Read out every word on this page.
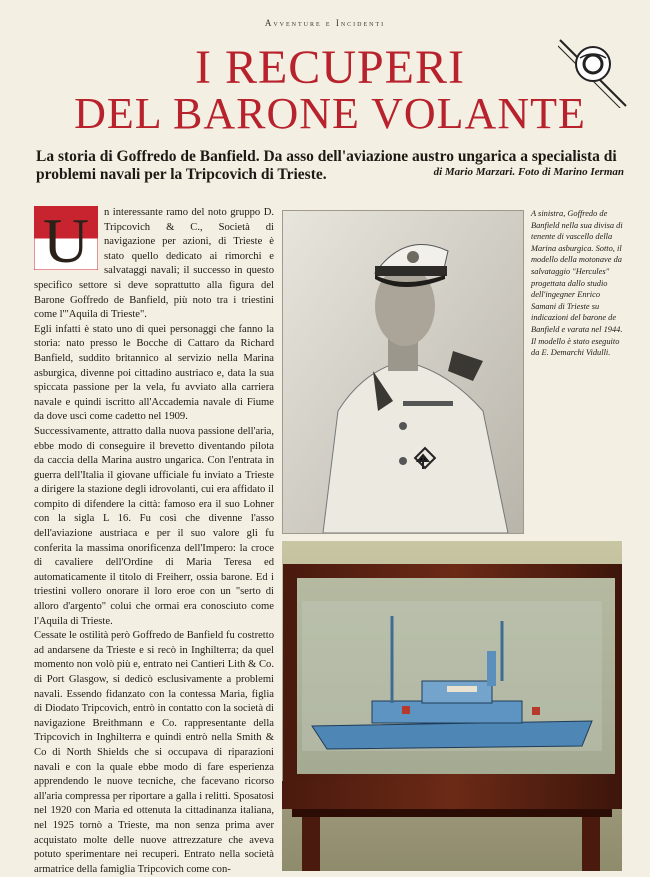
Avventure e Incidenti
I RECUPERI
DEL BARONE VOLANTE

La storia di Goffredo de Banfield. Da asso dell'aviazione austro ungarica a specialista di problemi navali per la Tripcovich di Trieste.	di Mario Marzari. Foto di Marino Ierman
U	n interessante ramo del noto gruppo D. Tripcovich & C., Società di navigazione per azioni, di Trieste è stato quello dedicato ai rimorchi e salvataggi navali; il successo in questo specifico settore si deve soprattutto alla figura del Barone Goffredo de Banfield, più noto tra i triestini come l'"Aquila di Trieste".

Egli infatti è stato uno di quei personaggi che fanno la storia: nato presso le Bocche di Cattaro da Richard Banfield, suddito britannico al servizio nella Marina asburgica, divenne poi cittadino austriaco e, data la sua spiccata passione per la vela, fu avviato alla carriera navale e quindi iscritto all'Accademia navale di Fiume da dove uscì come cadetto nel 1909.

Successivamente, attratto dalla nuova passione dell'aria, ebbe modo di conseguire il brevetto diventando pilota da caccia della Marina austro ungarica. Con l'entrata in guerra dell'Italia il giovane ufficiale fu inviato a Trieste a dirigere la stazione degli idrovolanti, cui era affidato il compito di difendere la città: famoso era il suo Lohner con la sigla L 16. Fu così che divenne l'asso dell'aviazione austriaca e per il suo valore gli fu conferita la massima onorificenza dell'Impero: la croce di cavaliere dell'Ordine di Maria Teresa ed automaticamente il titolo di Freiherr, ossia barone. Ed i triestini vollero onorare il loro eroe con un "serto di alloro d'argento" colui che ormai era conosciuto come l'Aquila di Trieste.

Cessate le ostilità però Goffredo de Banfield fu costretto ad andarsene da Trieste e si recò in Inghilterra; da quel momento non volò più e, entrato nei Cantieri Lith & Co. di Port Glasgow, si dedicò esclusivamente a problemi navali. Essendo fidanzato con la contessa Maria, figlia di Diodato Tripcovich, entrò in contatto con la società di navigazione Breithmann e Co. rappresentante della Tripcovich in Inghilterra e quindi entrò nella Smith & Co di North Shields che si occupava di riparazioni navali e con la quale ebbe modo di fare esperienza apprendendo le nuove tecniche, che facevano ricorso all'aria compressa per riportare a galla i relitti. Sposatosi nel 1920 con Maria ed ottenuta la cittadinanza italiana, nel 1925 tornò a Trieste, ma non senza prima aver acquistato molte delle nuove attrezzature che aveva potuto sperimentare nei recuperi. Entrato nella società armatrice della famiglia Tripcovich come con-

A sinistra, Goffredo de Banfield nella sua divisa di tenente di vascello della Marina asburgica. Sotto, il modello della motonave da salvataggio "Hercules" progettata dallo studio dell'ingegner Enrico Samani di Trieste su indicazioni del barone de Banfield e varata nel 1944. Il modello è stato eseguito da E. Demarchi Vidulli.
